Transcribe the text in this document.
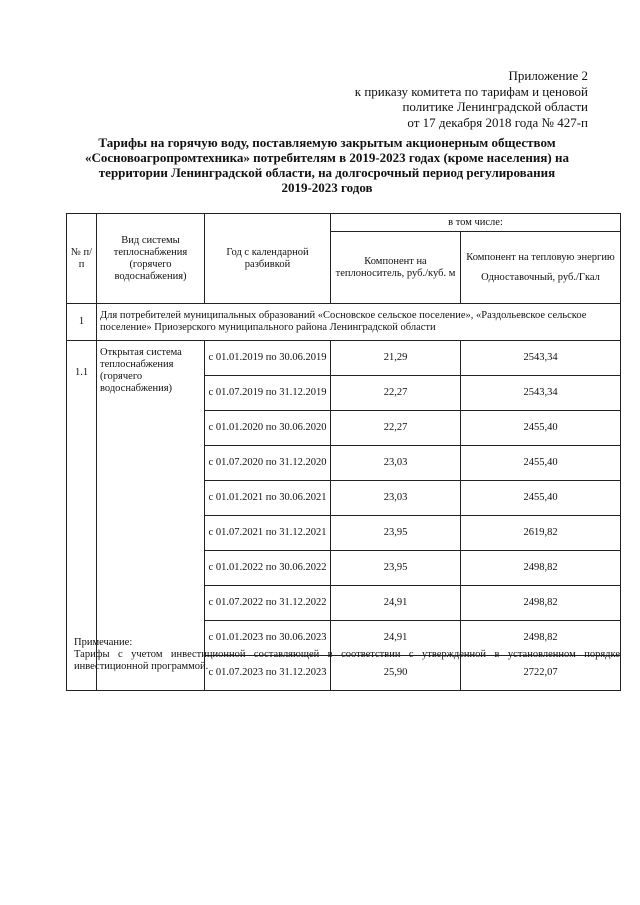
Приложение 2
к приказу комитета по тарифам и ценовой
политике Ленинградской области
от 17 декабря 2018 года № 427-п
Тарифы на горячую воду, поставляемую закрытым акционерным обществом
«Сосновоагропромтехника» потребителям в 2019-2023 годах (кроме населения) на
территории Ленинградской области, на долгосрочный период регулирования
2019-2023 годов
№ п/п	Вид системы теплоснабжения (горячего водоснабжения)	Год с календарной разбивкой	в том числе:	
			Компонент на теплоноситель, руб./куб. м	Компонент на тепловую энергию
Одноставочный, руб./Гкал

1	Для потребителей муниципальных образований «Сосновское сельское поселение», «Раздольевское сельское поселение» Приозерского муниципального района Ленинградской области			
1.1	Открытая система теплоснабжения (горячего водоснабжения)	с 01.01.2019 по 30.06.2019	21,29	2543,34
		с 01.07.2019 по 31.12.2019	22,27	2543,34
		с 01.01.2020 по 30.06.2020	22,27	2455,40
		с 01.07.2020 по 31.12.2020	23,03	2455,40
		с 01.01.2021 по 30.06.2021	23,03	2455,40
		с 01.07.2021 по 31.12.2021	23,95	2619,82
		с 01.01.2022 по 30.06.2022	23,95	2498,82
		с 01.07.2022 по 31.12.2022	24,91	2498,82
		с 01.01.2023 по 30.06.2023	24,91	2498,82
		с 01.07.2023 по 31.12.2023	25,90	2722,07
Примечание:
Тарифы с учетом инвестиционной составляющей в соответствии с утвержденной в установленном порядке инвестиционной программой.
